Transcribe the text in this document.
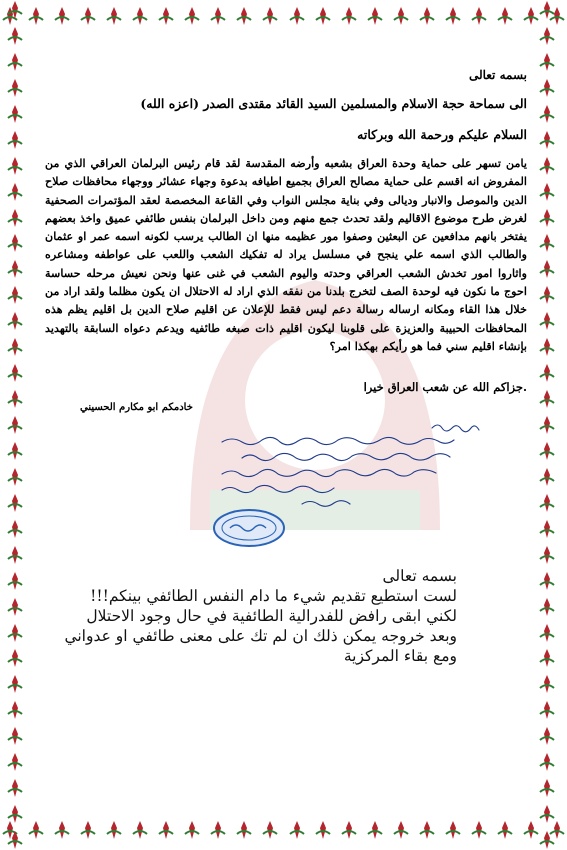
بسمه تعالى
الى سماحة حجة الاسلام والمسلمين السيد القائد مقتدى الصدر (اعزه الله)
السلام عليكم ورحمة الله وبركاته
يامن تسهر على حماية وحدة العراق بشعبه وأرضه المقدسة لقد قام رئيس البرلمان العراقي الذي من المفروض انه اقسم على حماية مصالح العراق بجميع اطيافه بدعوة وجهاء عشائر ووجهاء محافظات صلاح الدين والموصل والانبار وديالى وفي بناية مجلس النواب وفي القاعة المخصصة لعقد المؤتمرات الصحفية لغرض طرح موضوع الاقاليم ولقد تحدث جمع منهم ومن داخل البرلمان بنفس طائفي عميق واخذ بعضهم يفتخر بانهم مدافعين عن البعثين وصفوا مور عظيمه منها ان الطالب يرسب لكونه اسمه عمر او عثمان والطالب الذي اسمه علي ينجح في مسلسل يراد له تفكيك الشعب واللعب على عواطفه ومشاعره واثاروا امور تخدش الشعب العراقي وحدته واليوم الشعب في غنى عنها ونحن نعيش مرحله حساسة احوج ما نكون فيه لوحدة الصف لتخرج بلدنا من نفقه الذي اراد له الاحتلال ان يكون مظلما ولقد اراد من خلال هذا القاء ومكانه ارساله رسالة دعم ليس فقط للإعلان عن اقليم صلاح الدين بل اقليم يظم هذه المحافظات الحبيبة والعزيزة على قلوبنا ليكون اقليم ذات صبغه طائفيه ويدعم دعواه السابقة بالتهديد بإنشاء اقليم سني فما هو رأيكم بهكذا امر؟
جزاكم الله عن شعب العراق خيرا.
خادمكم ابو مكارم الحسيني
بسمه تعالى
لست استطيع تقديم شيء ما دام النفس الطائفي بينكم!!!
لكني ابقى رافض للفدرالية الطائفية في حال وجود الاحتلال
وبعد خروجه يمكن ذلك ان لم تك على معنى طائفي او عدواني
ومع بقاء المركزية
